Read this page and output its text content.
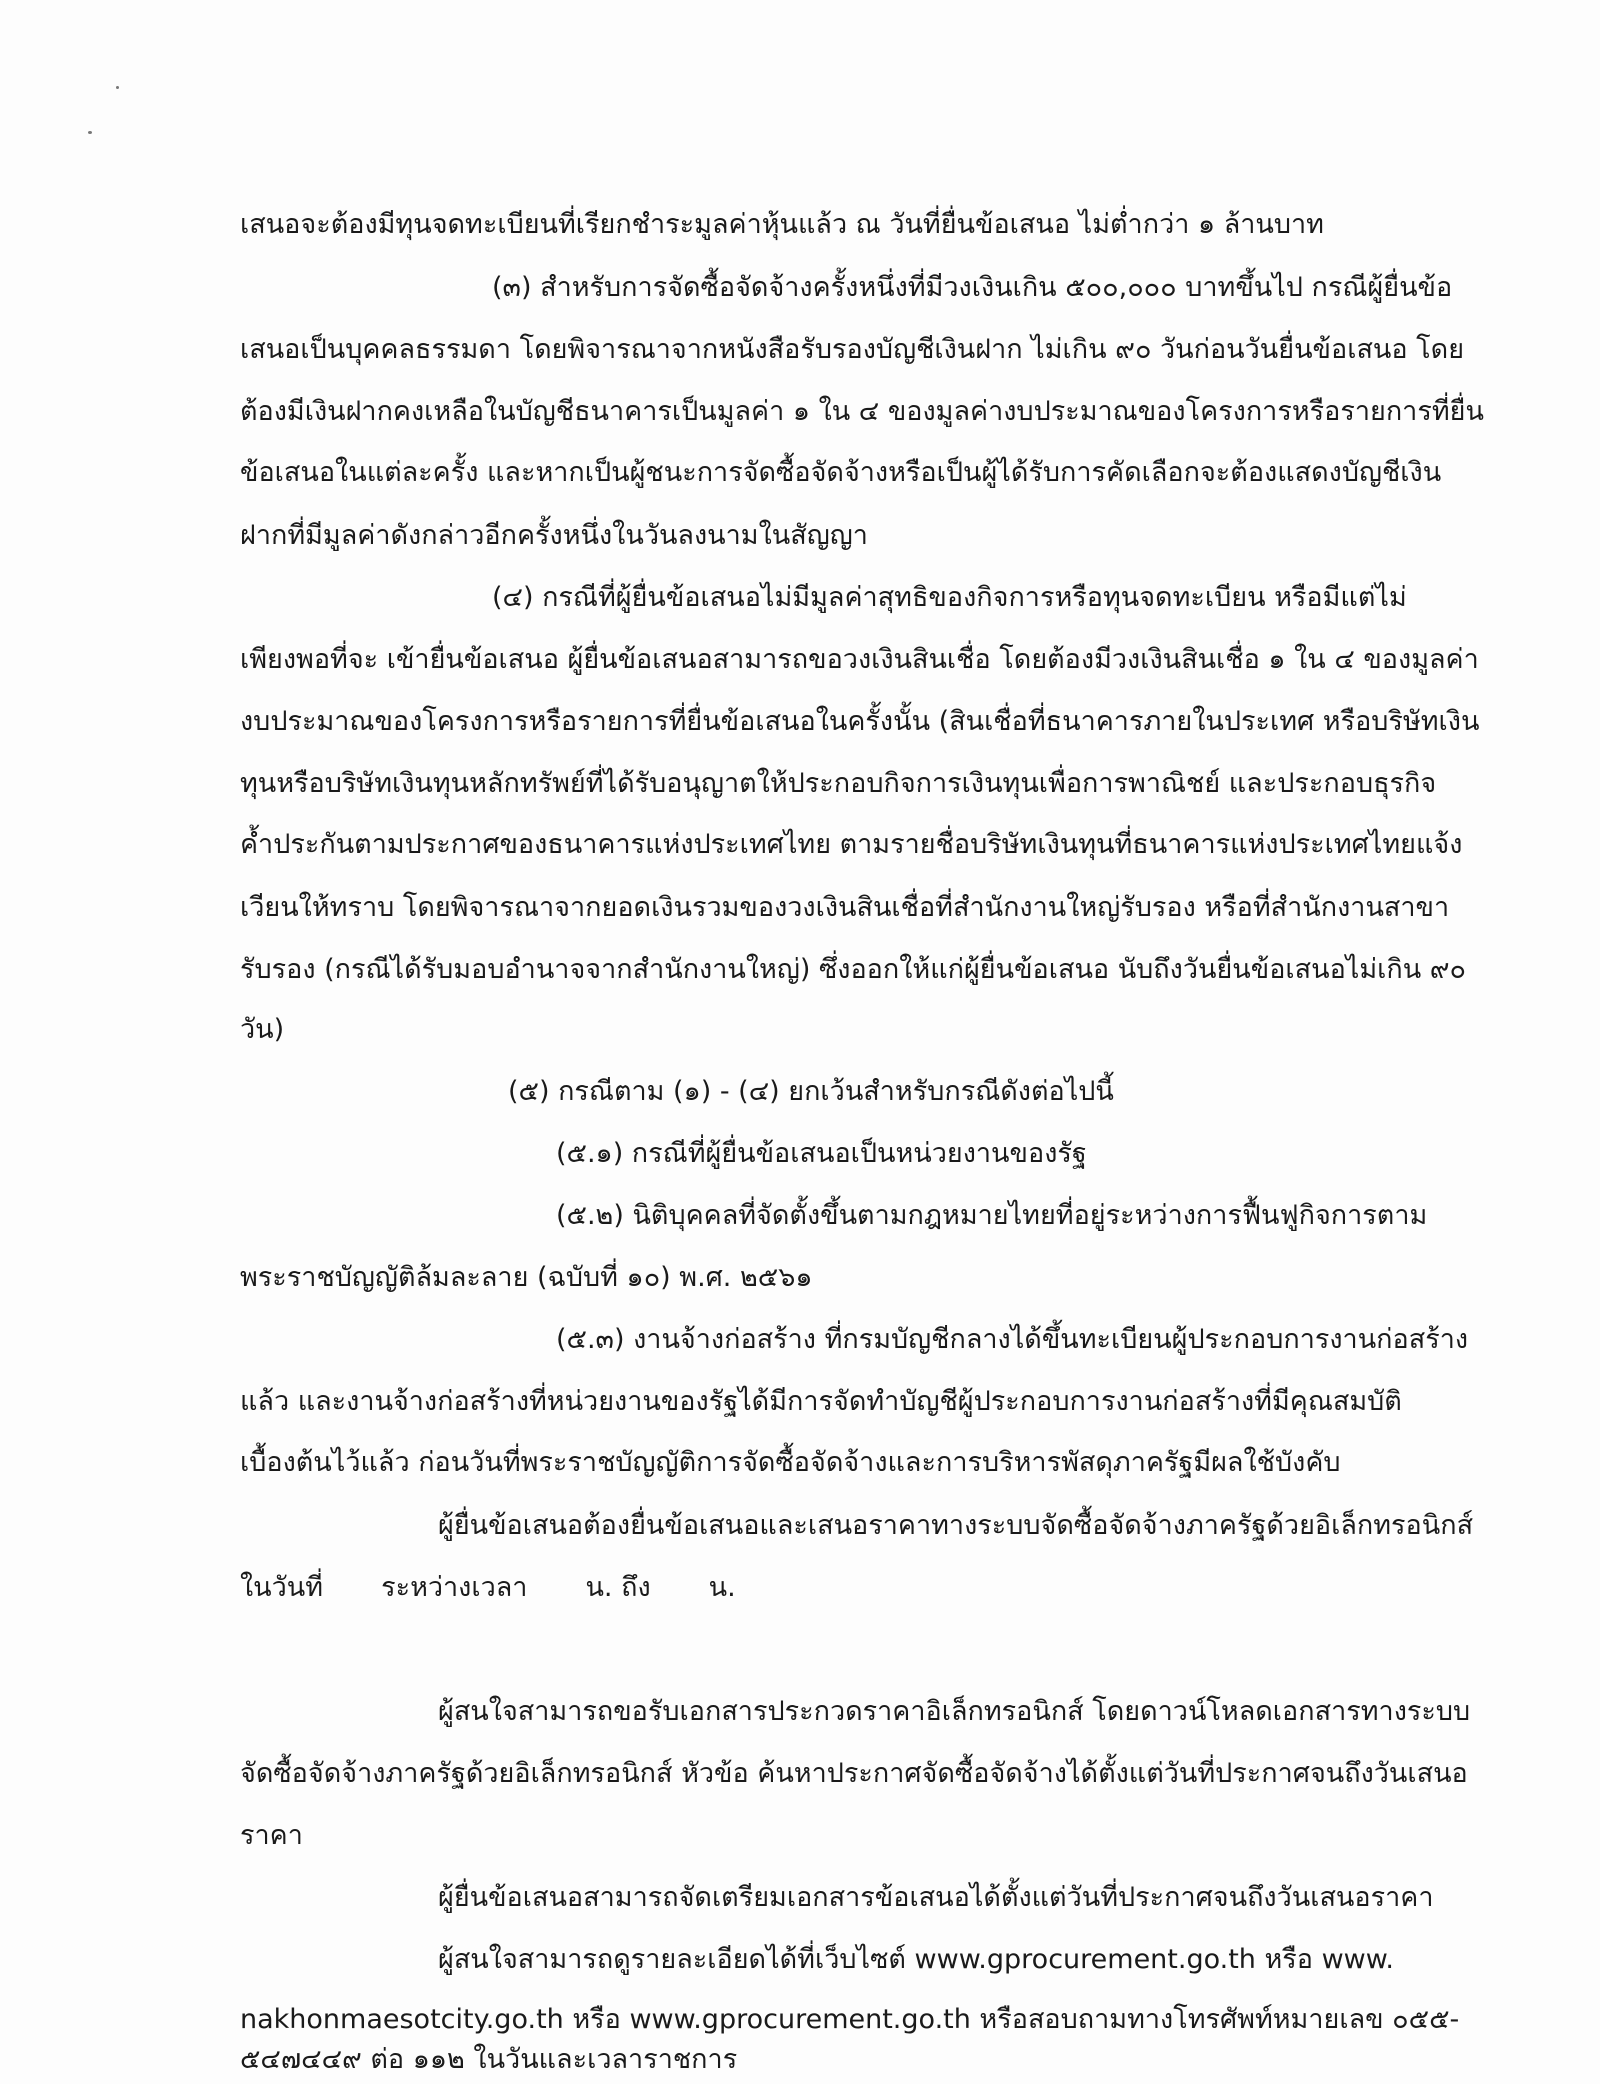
เสนอจะต้องมีทุนจดทะเบียนที่เรียกชำระมูลค่าหุ้นแล้ว ณ วันที่ยื่นข้อเสนอ ไม่ต่ำกว่า ๑ ล้านบาท
(๓) สำหรับการจัดซื้อจัดจ้างครั้งหนึ่งที่มีวงเงินเกิน ๕๐๐,๐๐๐ บาทขึ้นไป กรณีผู้ยื่นข้อ
เสนอเป็นบุคคลธรรมดา โดยพิจารณาจากหนังสือรับรองบัญชีเงินฝาก ไม่เกิน ๙๐ วันก่อนวันยื่นข้อเสนอ โดย
ต้องมีเงินฝากคงเหลือในบัญชีธนาคารเป็นมูลค่า ๑ ใน ๔ ของมูลค่างบประมาณของโครงการหรือรายการที่ยื่น
ข้อเสนอในแต่ละครั้ง และหากเป็นผู้ชนะการจัดซื้อจัดจ้างหรือเป็นผู้ได้รับการคัดเลือกจะต้องแสดงบัญชีเงิน
ฝากที่มีมูลค่าดังกล่าวอีกครั้งหนึ่งในวันลงนามในสัญญา
(๔) กรณีที่ผู้ยื่นข้อเสนอไม่มีมูลค่าสุทธิของกิจการหรือทุนจดทะเบียน หรือมีแต่ไม่
เพียงพอที่จะ เข้ายื่นข้อเสนอ ผู้ยื่นข้อเสนอสามารถขอวงเงินสินเชื่อ โดยต้องมีวงเงินสินเชื่อ ๑ ใน ๔ ของมูลค่า
งบประมาณของโครงการหรือรายการที่ยื่นข้อเสนอในครั้งนั้น (สินเชื่อที่ธนาคารภายในประเทศ หรือบริษัทเงิน
ทุนหรือบริษัทเงินทุนหลักทรัพย์ที่ได้รับอนุญาตให้ประกอบกิจการเงินทุนเพื่อการพาณิชย์ และประกอบธุรกิจ
ค้ำประกันตามประกาศของธนาคารแห่งประเทศไทย ตามรายชื่อบริษัทเงินทุนที่ธนาคารแห่งประเทศไทยแจ้ง
เวียนให้ทราบ โดยพิจารณาจากยอดเงินรวมของวงเงินสินเชื่อที่สำนักงานใหญ่รับรอง หรือที่สำนักงานสาขา
รับรอง (กรณีได้รับมอบอำนาจจากสำนักงานใหญ่) ซึ่งออกให้แก่ผู้ยื่นข้อเสนอ นับถึงวันยื่นข้อเสนอไม่เกิน ๙๐
วัน)
(๕) กรณีตาม (๑) - (๔) ยกเว้นสำหรับกรณีดังต่อไปนี้
(๕.๑) กรณีที่ผู้ยื่นข้อเสนอเป็นหน่วยงานของรัฐ
(๕.๒) นิติบุคคลที่จัดตั้งขึ้นตามกฎหมายไทยที่อยู่ระหว่างการฟื้นฟูกิจการตาม
พระราชบัญญัติล้มละลาย (ฉบับที่ ๑๐) พ.ศ. ๒๕๖๑
(๕.๓) งานจ้างก่อสร้าง ที่กรมบัญชีกลางได้ขึ้นทะเบียนผู้ประกอบการงานก่อสร้าง
แล้ว และงานจ้างก่อสร้างที่หน่วยงานของรัฐได้มีการจัดทำบัญชีผู้ประกอบการงานก่อสร้างที่มีคุณสมบัติ
เบื้องต้นไว้แล้ว ก่อนวันที่พระราชบัญญัติการจัดซื้อจัดจ้างและการบริหารพัสดุภาครัฐมีผลใช้บังคับ
ผู้ยื่นข้อเสนอต้องยื่นข้อเสนอและเสนอราคาทางระบบจัดซื้อจัดจ้างภาครัฐด้วยอิเล็กทรอนิกส์
ในวันที่ ระหว่างเวลา น. ถึง น.
ผู้สนใจสามารถขอรับเอกสารประกวดราคาอิเล็กทรอนิกส์ โดยดาวน์โหลดเอกสารทางระบบ
จัดซื้อจัดจ้างภาครัฐด้วยอิเล็กทรอนิกส์ หัวข้อ ค้นหาประกาศจัดซื้อจัดจ้างได้ตั้งแต่วันที่ประกาศจนถึงวันเสนอ
ราคา
ผู้ยื่นข้อเสนอสามารถจัดเตรียมเอกสารข้อเสนอได้ตั้งแต่วันที่ประกาศจนถึงวันเสนอราคา
ผู้สนใจสามารถดูรายละเอียดได้ที่เว็บไซต์ www.gprocurement.go.th หรือ www.
nakhonmaesotcity.go.th หรือ www.gprocurement.go.th หรือสอบถามทางโทรศัพท์หมายเลข ๐๕๕-
๕๔๗๔๔๙ ต่อ ๑๑๒ ในวันและเวลาราชการ
